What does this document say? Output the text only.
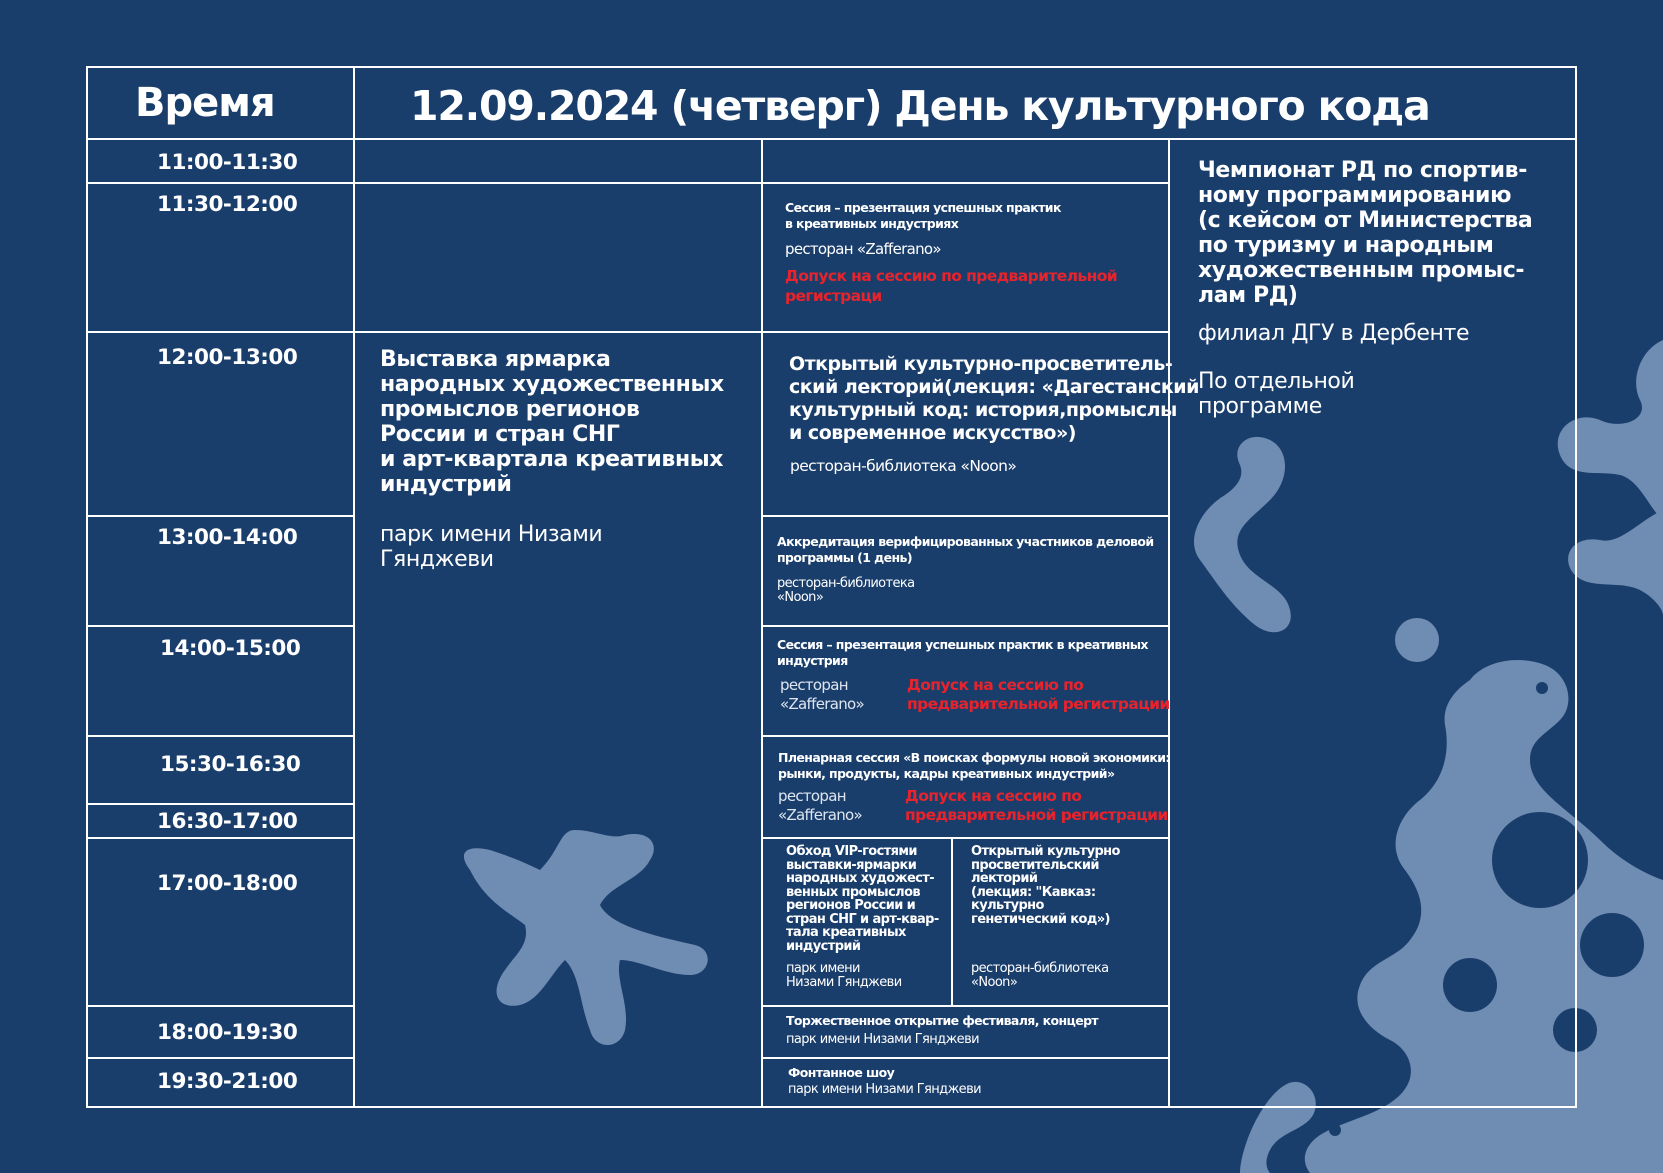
Время	12.09.2024 (четверг) День культурного кода
11:00-11:30
11:30-12:00
12:00-13:00
13:00-14:00
14:00-15:00
15:30-16:30
16:30-17:00
17:00-18:00
18:00-19:30
19:30-21:00
Выставка ярмарка
народных художественных
промыслов регионов
России и стран СНГ
и арт-квартала креативных
индустрий
парк имени Низами
Гянджеви
Чемпионат РД по спортив-
ному программированию
(с кейсом от Министерства
по туризму и народным
художественным промыс-
лам РД)
филиал ДГУ в Дербенте
По отдельной
программе
Сессия – презентация успешных практик
в креативных индустриях
ресторан «Zafferano»
Допуск на сессию по предварительной
регистраци
Открытый культурно-просветитель-
ский лекторий(лекция: «Дагестанский
культурный код: история,промыслы
и современное искусство»)
ресторан-библиотека «Noon»
Аккредитация верифицированных участников деловой
программы (1 день)
ресторан-библиотека
«Noon»
Сессия – презентация успешных практик в креативных
индустрия
ресторан
«Zafferano»
Допуск на сессию по
предварительной регистрации
Пленарная сессия «В поисках формулы новой экономики:
рынки, продукты, кадры креативных индустрий»
ресторан
«Zafferano»
Допуск на сессию по
предварительной регистрации
Обход VIP-гостями
выставки-ярмарки
народных художест-
венных промыслов
регионов России и
стран СНГ и арт-квар-
тала креативных
индустрий
парк имени
Низами Гянджеви
Открытый культурно
просветительский
лекторий
(лекция: "Кавказ:
культурно
генетический код»)
ресторан-библиотека
«Noon»
Торжественное открытие фестиваля, концерт
парк имени Низами Гянджеви
Фонтанное шоу
парк имени Низами Гянджеви
